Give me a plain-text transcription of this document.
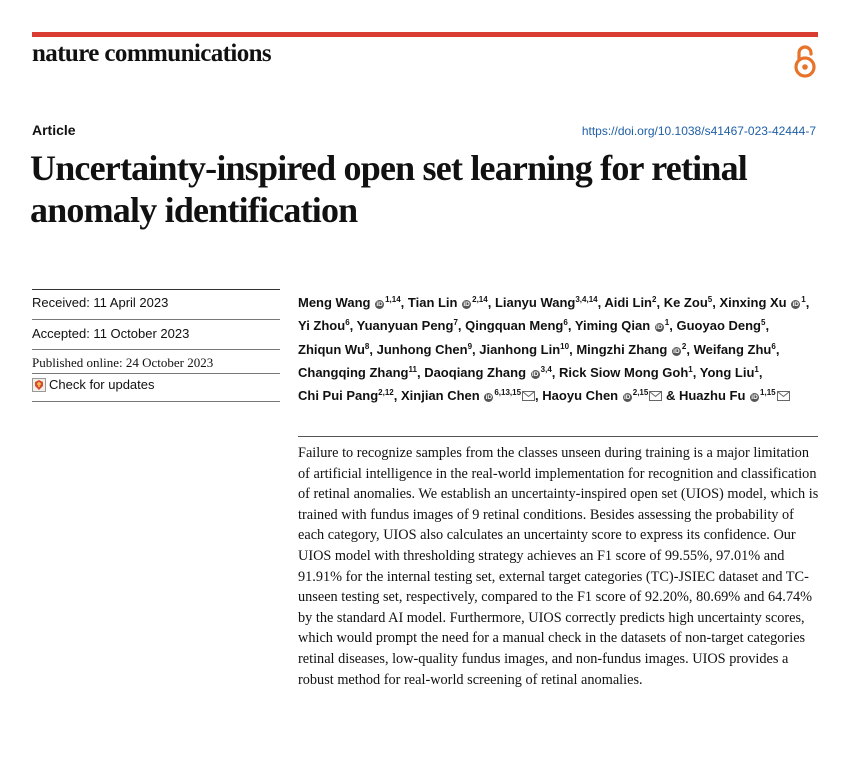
nature communications
Article	https://doi.org/10.1038/s41467-023-42444-7
Uncertainty-inspired open set learning for retinal anomaly identification
Received: 11 April 2023
Accepted: 11 October 2023
Published online: 24 October 2023
Check for updates
Meng Wang iD$^{1,14}$, Tian Lin iD$^{2,14}$, Lianyu Wang$^{3,4,14}$, Aidi Lin$^2$, Ke Zou$^5$, Xinxing Xu iD$^1$, Yi Zhou$^6$, Yuanyuan Peng$^7$, Qingquan Meng$^6$, Yiming Qian iD$^1$, Guoyao Deng$^5$, Zhiqun Wu$^8$, Junhong Chen$^9$, Jianhong Lin$^{10}$, Mingzhi Zhang iD$^2$, Weifang Zhu$^6$, Changqing Zhang$^{11}$, Daoqiang Zhang iD$^{3,4}$, Rick Siow Mong Goh$^1$, Yong Liu$^1$, Chi Pui Pang$^{2,12}$, Xinjian Chen iD$^{6,13,15}$ , Haoyu Chen iD$^{2,15}$
& Huazhu Fu iD$^{1,15}$

Failure to recognize samples from the classes unseen during training is a major limitation of artificial intelligence in the real-world implementation for recognition and classification of retinal anomalies. We establish an uncertainty-inspired open set (UIOS) model, which is trained with fundus images of 9 retinal conditions. Besides assessing the probability of each category, UIOS also calculates an uncertainty score to express its confidence. Our UIOS model with thresholding strategy achieves an F1 score of 99.55%, 97.01% and 91.91% for the internal testing set, external target categories (TC)-JSIEC dataset and TC-unseen testing set, respectively, compared to the F1 score of 92.20%, 80.69% and 64.74% by the standard AI model. Furthermore, UIOS correctly predicts high uncertainty scores, which would prompt the need for a manual check in the datasets of non-target categories retinal diseases, low-quality fundus images, and non-fundus images. UIOS provides a robust method for real-world screening of retinal anomalies.
